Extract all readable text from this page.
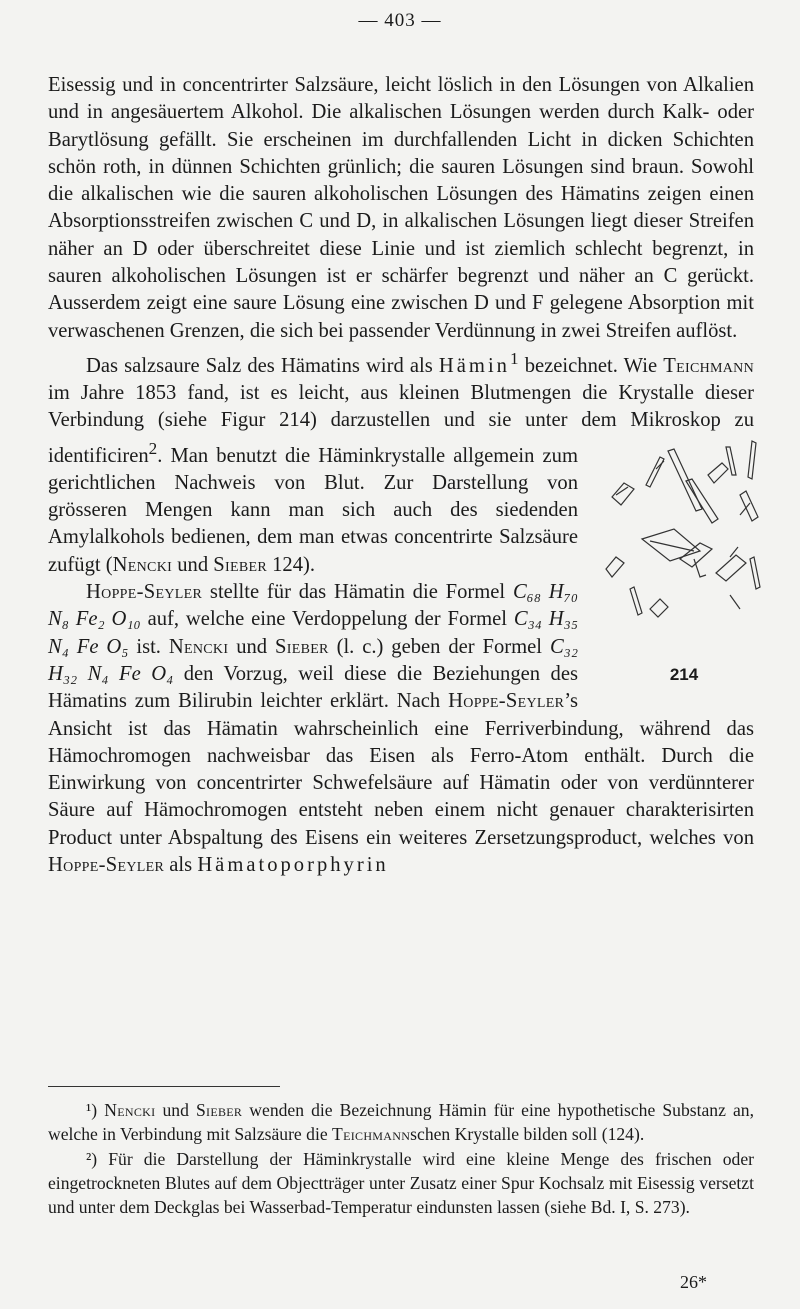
— 403 —

Eisessig und in concentrirter Salzsäure, leicht löslich in den Lösungen von Alkalien und in angesäuertem Alkohol. Die alkalischen Lösungen werden durch Kalk- oder Barytlösung gefällt. Sie erscheinen im durchfallenden Licht in dicken Schichten schön roth, in dünnen Schichten grünlich; die sauren Lösungen sind braun. Sowohl die alkalischen wie die sauren alkoholischen Lösungen des Hämatins zeigen einen Absorptionsstreifen zwischen C und D, in alkalischen Lösungen liegt dieser Streifen näher an D oder überschreitet diese Linie und ist ziemlich schlecht begrenzt, in sauren alkoholischen Lösungen ist er schärfer begrenzt und näher an C gerückt. Ausserdem zeigt eine saure Lösung eine zwischen D und F gelegene Absorption mit verwaschenen Grenzen, die sich bei passender Verdünnung in zwei Streifen auflöst.

Das salzsaure Salz des Hämatins wird als Hämin$^1$ bezeichnet. Wie Teichmann im Jahre 1853 fand, ist es leicht, aus kleinen Blutmengen die Krystalle dieser Verbindung (siehe Figur 214) darzustellen und sie unter dem Mikroskop zu identificiren$^2$
214
. Man benutzt die Häminkrystalle allgemein zum gerichtlichen Nachweis von Blut. Zur Darstellung von grösseren Mengen kann man sich auch des siedenden Amylalkohols bedienen, dem man etwas concentrirte Salzsäure zufügt (Nencki und Sieber 124).

Hoppe-Seyler stellte für das Hämatin die Formel C₆₈ H₇₀ N₈ Fe₂ O₁₀ auf, welche eine Verdoppelung der Formel C₃₄ H₃₅ N₄ Fe O₅ ist. Nencki und Sieber (l. c.) geben der Formel C₃₂ H₃₂ N₄ Fe O₄ den Vorzug, weil diese die Beziehungen des Hämatins zum Bilirubin leichter erklärt. Nach Hoppe-Seyler’s Ansicht ist das Hämatin wahrscheinlich eine Ferriverbindung, während das Hämochromogen nachweisbar das Eisen als Ferro-Atom enthält. Durch die Einwirkung von concentrirter Schwefelsäure auf Hämatin oder von verdünnterer Säure auf Hämochromogen entsteht neben einem nicht genauer charakterisirten Product unter Abspaltung des Eisens ein weiteres Zersetzungsproduct, welches von Hoppe-Seyler als Hämatoporphyrin

¹) Nencki und Sieber wenden die Bezeichnung Hämin für eine hypothetische Substanz an, welche in Verbindung mit Salzsäure die Teichmannschen Krystalle bilden soll (124).

²) Für die Darstellung der Häminkrystalle wird eine kleine Menge des frischen oder eingetrockneten Blutes auf dem Objectträger unter Zusatz einer Spur Kochsalz mit Eisessig versetzt und unter dem Deckglas bei Wasserbad-Temperatur eindunsten lassen (siehe Bd. I, S. 273).

26*
